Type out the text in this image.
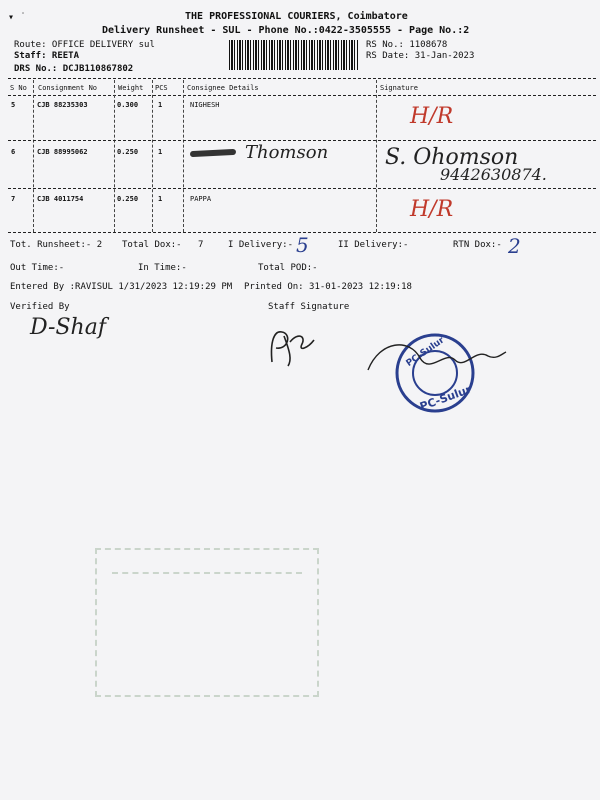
▾ ˙	THE PROFESSIONAL COURIERS, Coimbatore
Delivery Runsheet - SUL - Phone No.:0422-3505555 - Page No.:2
Route: OFFICE DELIVERY sul
Staff: REETA
DRS No.: DCJB110867802
RS No.: 1108678
RS Date: 31-Jan-2023
S No Consignment No	Weight PCS	Consignee Details	Signature
5	CJB 88235303	0.300	1	NIGHESH	H/R
6	CJB 88995062	0.250	1	Thomson	S. Ohomson
9442630874.
7	CJB 4011754	0.250	1	PAPPA	H/R
Tot. Runsheet:- 2 Total Dox:- 7	I Delivery:- 5	II Delivery:-	RTN Dox:- 2
Out Time:-	In Time:-	Total POD:-
Entered By :RAVISUL 1/31/2023 12:19:29 PM Printed On: 31-01-2023 12:19:18
Verified By	Staff Signature
D-Shaf
PC-Sulur
PC-Sulur
